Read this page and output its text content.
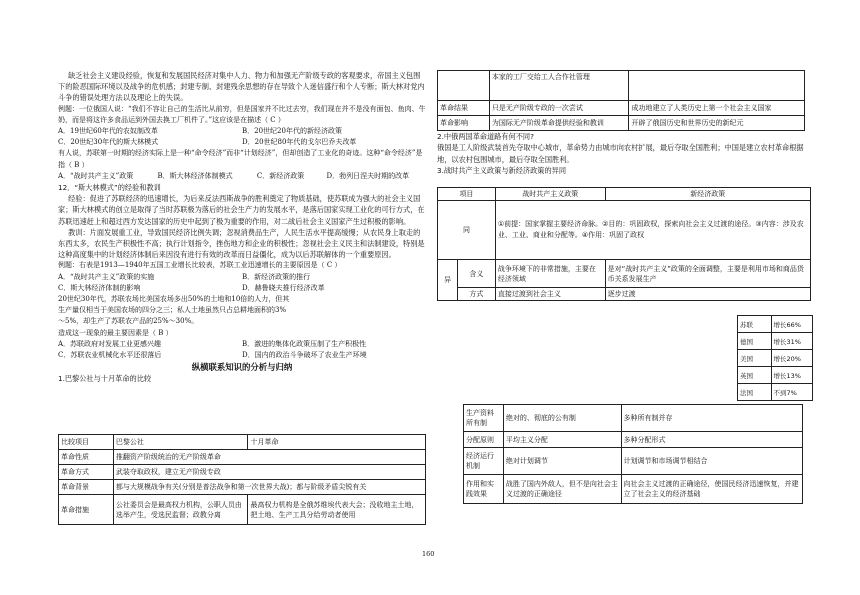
缺乏社会主义建设经验，恢复和发展国民经济对集中人力、物力和加强无产阶级专政的客观要求，帝国主义包围下的险恶国际环境以及战争的危机感；封建专制、封建残余思想的存在导致个人迷信盛行和个人专断；斯大林对党内斗争的错误处理方法以及理论上的失误。

例题：一位俄国人说：“我们不容让自己的生活比从前穷，但是国家并不比过去穷，我们现在并不是没有面包、鱼肉、牛奶，而是将这许多食品运到外国去换工厂机件了。”这应该是在描述（ C ）

A．19世纪60年代的农奴制改革	B．20世纪20年代的新经济政策
C．20世纪30年代的斯大林模式	D．20世纪80年代的戈尔巴乔夫改革

有人说，苏联第一时期的经济实际上是一种“命令经济”而非“计划经济”，但却创造了工业化的奇迹。这种“命令经济”是指（ B ）

A．“战时共产主义”政策	B．斯大林经济体制模式	C．新经济政策	D．勃列日涅夫时期的改革

12．“斯大林模式”的经验和教训

经验：促进了苏联经济的迅速增长，为后来反法西斯战争的胜利奠定了物质基础，使苏联成为强大的社会主义国家；斯大林模式的创立是取得了当时苏联极为落后的社会生产力的发展水平，是落后国家实现工业化的可行方式，在苏联迅速赶上和超过西方发达国家的历史中起到了极为重要的作用，对二战后社会主义国家产生过积极的影响。

教训：片面发展重工业，导致国民经济比例失调；忽视消费品生产，人民生活水平提高缓慢；从农民身上取走的东西太多，农民生产积极性不高；执行计划指令，挫伤地方和企业的积极性；忽视社会主义民主和法制建设，特别是这种高度集中的计划经济体制后来因没有进行有效的改革而日益僵化，成为以后苏联解体的一个重要原因。

例题：右表是1913—1940年五国工业增长比较表，苏联工业迅速增长的主要原因是（ C ）

A．“战时共产主义”政策的实施	B．新经济政策的推行
C．斯大林经济体制的影响	D．赫鲁晓夫推行经济改革

20世纪30年代，苏联农场比美国农场多出50%的土地和10倍的人力，但其生产量仅相当于美国农场的四分之三；私人土地虽然只占总耕地面积的3%～5%，却生产了苏联农产品的25%～30%。

造成这一现象的最主要因素是（ B ）

A．苏联政府对发展工业更感兴趣	B．激进的集体化政策压制了生产积极性
C．苏联农业机械化水平还很落后	D．国内的政治斗争破坏了农业生产环境

纵横联系知识的分析与归纳

1.巴黎公社与十月革命的比较

比较项目	巴黎公社	十月革命
革命性质	推翻资产阶级统治的无产阶级革命	
革命方式	武装夺取政权，建立无产阶级专政	
革命背景	都与大规模战争有关(分别是普法战争和第一次世界大战)；都与阶级矛盾尖锐有关	
革命措施	公社委员会是最高权力机构，公职人员由选举产生，受选民监督；政教分离	最高权力机构是全俄苏维埃代表大会；没收地主土地，把土地、生产工具分给劳动者使用
	本家的工厂交给工人合作社管理	
革命结果	只是无产阶级专政的一次尝试	成功地建立了人类历史上第一个社会主义国家
革命影响	为国际无产阶级革命提供经验和教训	开辟了俄国历史和世界历史的新纪元

2.中俄两国革命道路有何不同?

俄国是工人阶级武装首先夺取中心城市，革命势力由城市向农村扩展，最后夺取全国胜利；中国是建立农村革命根据地，以农村包围城市，最后夺取全国胜利。

3.战时共产主义政策与新经济政策的异同

项目		战时共产主义政策	新经济政策
同		①前提：国家掌握主要经济命脉。②目的：巩固政权，探索向社会主义过渡的途径。③内容：涉及农业、工业、商业和分配等。④作用：巩固了政权	
异	含义	战争环境下的非常措施，主要在经济领域	是对“战时共产主义”政策的全面调整，主要是利用市场和商品货币关系发展生产
	方式	直接过渡到社会主义	逐步过渡
苏联	增长66%
德国	增长31%
美国	增长20%
英国	增长13%
法国	不到7%
生产资料所有制	绝对的、彻底的公有制	多种所有制并存
分配原则	平均主义分配	多种分配形式
经济运行机制	绝对计划调节	计划调节和市场调节相结合
作用和实践效果	战胜了国内外敌人，但不是向社会主义过渡的正确途径	向社会主义过渡的正确途径，使国民经济迅速恢复，并建立了社会主义的经济基础
160
